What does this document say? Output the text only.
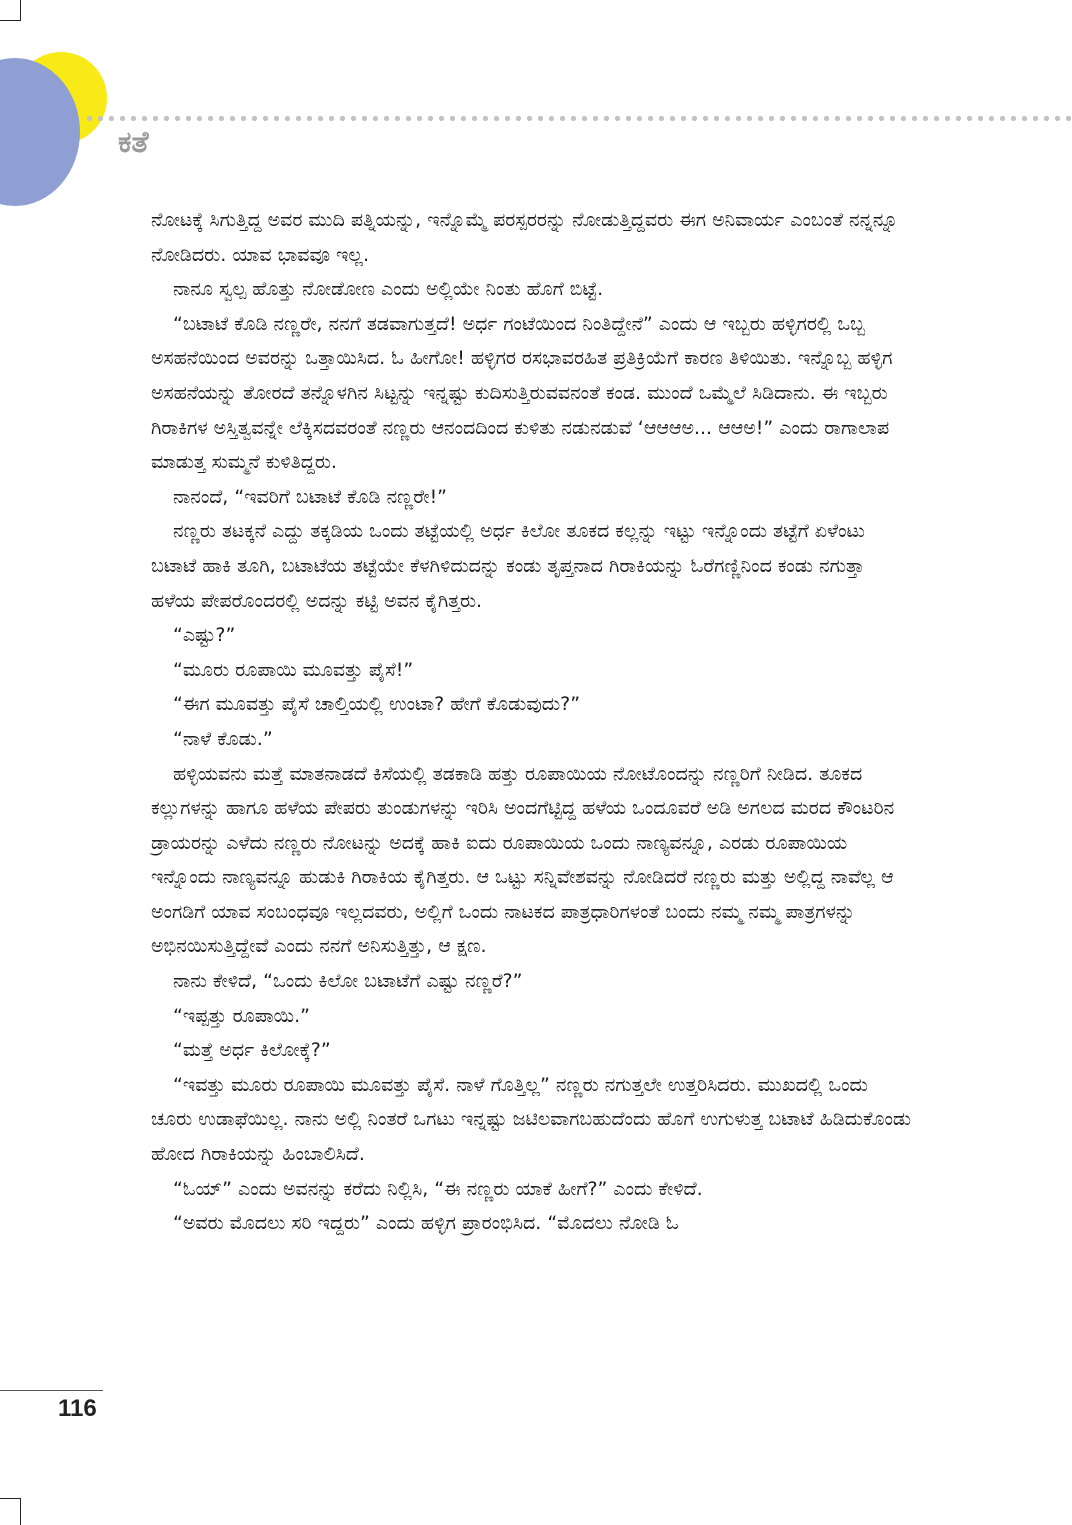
ಕತೆ

ನೋಟಕ್ಕೆ ಸಿಗುತ್ತಿದ್ದ ಅವರ ಮುದಿ ಪತ್ನಿಯನ್ನು, ಇನ್ನೊಮ್ಮೆ ಪರಸ್ಪರರನ್ನು ನೋಡುತ್ತಿದ್ದವರು ಈಗ ಅನಿವಾರ್ಯ ಎಂಬಂತೆ ನನ್ನನ್ನೂ ನೋಡಿದರು. ಯಾವ ಭಾವವೂ ಇಲ್ಲ.

ನಾನೂ ಸ್ವಲ್ಪ ಹೊತ್ತು ನೋಡೋಣ ಎಂದು ಅಲ್ಲಿಯೇ ನಿಂತು ಹೊಗೆ ಬಿಟ್ಟೆ.

“ಬಟಾಟೆ ಕೊಡಿ ನಣ್ಣರೇ, ನನಗೆ ತಡವಾಗುತ್ತದೆ! ಅರ್ಧ ಗಂಟೆಯಿಂದ ನಿಂತಿದ್ದೇನೆ” ಎಂದು ಆ ಇಬ್ಬರು ಹಳ್ಳಿಗರಲ್ಲಿ ಒಬ್ಬ ಅಸಹನೆಯಿಂದ ಅವರನ್ನು ಒತ್ತಾಯಿಸಿದ. ಓ ಹೀಗೋ! ಹಳ್ಳಿಗರ ರಸಭಾವರಹಿತ ಪ್ರತಿಕ್ರಿಯೆಗೆ ಕಾರಣ ತಿಳಿಯಿತು. ಇನ್ನೊಬ್ಬ ಹಳ್ಳಿಗ ಅಸಹನೆಯನ್ನು ತೋರದೆ ತನ್ನೊಳಗಿನ ಸಿಟ್ಟನ್ನು ಇನ್ನಷ್ಟು ಕುದಿಸುತ್ತಿರುವವನಂತೆ ಕಂಡ. ಮುಂದೆ ಒಮ್ಮೆಲೆ ಸಿಡಿದಾನು. ಈ ಇಬ್ಬರು ಗಿರಾಕಿಗಳ ಅಸ್ತಿತ್ವವನ್ನೇ ಲೆಕ್ಕಿಸದವರಂತೆ ನಣ್ಣರು ಆನಂದದಿಂದ ಕುಳಿತು ನಡುನಡುವೆ ‘ಆಆಆಅ... ಆಆಅ!” ಎಂದು ರಾಗಾಲಾಪ ಮಾಡುತ್ತ ಸುಮ್ಮನೆ ಕುಳಿತಿದ್ದರು.

ನಾನಂದೆ, “ಇವರಿಗೆ ಬಟಾಟೆ ಕೊಡಿ ನಣ್ಣರೇ!”

ನಣ್ಣರು ತಟಕ್ಕನೆ ಎದ್ದು ತಕ್ಕಡಿಯ ಒಂದು ತಟ್ಟೆಯಲ್ಲಿ ಅರ್ಧ ಕಿಲೋ ತೂಕದ ಕಲ್ಲನ್ನು ಇಟ್ಟು ಇನ್ನೊಂದು ತಟ್ಟೆಗೆ ಏಳೆಂಟು ಬಟಾಟೆ ಹಾಕಿ ತೂಗಿ, ಬಟಾಟೆಯ ತಟ್ಟೆಯೇ ಕೆಳಗಿಳಿದುದನ್ನು ಕಂಡು ತೃಪ್ತನಾದ ಗಿರಾಕಿಯನ್ನು ಓರೆಗಣ್ಣಿನಿಂದ ಕಂಡು ನಗುತ್ತಾ ಹಳೆಯ ಪೇಪರೊಂದರಲ್ಲಿ ಅದನ್ನು ಕಟ್ಟಿ ಅವನ ಕೈಗಿತ್ತರು.

“ಎಷ್ಟು?”

“ಮೂರು ರೂಪಾಯಿ ಮೂವತ್ತು ಪೈಸೆ!”

“ಈಗ ಮೂವತ್ತು ಪೈಸೆ ಚಾಲ್ತಿಯಲ್ಲಿ ಉಂಟಾ? ಹೇಗೆ ಕೊಡುವುದು?”

“ನಾಳೆ ಕೊಡು.”

ಹಳ್ಳಿಯವನು ಮತ್ತೆ ಮಾತನಾಡದೆ ಕಿಸೆಯಲ್ಲಿ ತಡಕಾಡಿ ಹತ್ತು ರೂಪಾಯಿಯ ನೋಟೊಂದನ್ನು ನಣ್ಣರಿಗೆ ನೀಡಿದ. ತೂಕದ ಕಲ್ಲುಗಳನ್ನು ಹಾಗೂ ಹಳೆಯ ಪೇಪರು ತುಂಡುಗಳನ್ನು ಇರಿಸಿ ಅಂದಗೆಟ್ಟಿದ್ದ ಹಳೆಯ ಒಂದೂವರೆ ಅಡಿ ಅಗಲದ ಮರದ ಕೌಂಟರಿನ ಡ್ರಾಯರನ್ನು ಎಳೆದು ನಣ್ಣರು ನೋಟನ್ನು ಅದಕ್ಕೆ ಹಾಕಿ ಐದು ರೂಪಾಯಿಯ ಒಂದು ನಾಣ್ಯವನ್ನೂ, ಎರಡು ರೂಪಾಯಿಯ ಇನ್ನೊಂದು ನಾಣ್ಯವನ್ನೂ ಹುಡುಕಿ ಗಿರಾಕಿಯ ಕೈಗಿತ್ತರು. ಆ ಒಟ್ಟು ಸನ್ನಿವೇಶವನ್ನು ನೋಡಿದರೆ ನಣ್ಣರು ಮತ್ತು ಅಲ್ಲಿದ್ದ ನಾವೆಲ್ಲ ಆ ಅಂಗಡಿಗೆ ಯಾವ ಸಂಬಂಧವೂ ಇಲ್ಲದವರು, ಅಲ್ಲಿಗೆ ಒಂದು ನಾಟಕದ ಪಾತ್ರಧಾರಿಗಳಂತೆ ಬಂದು ನಮ್ಮ ನಮ್ಮ ಪಾತ್ರಗಳನ್ನು ಅಭಿನಯಿಸುತ್ತಿದ್ದೇವೆ ಎಂದು ನನಗೆ ಅನಿಸುತ್ತಿತ್ತು, ಆ ಕ್ಷಣ.

ನಾನು ಕೇಳಿದೆ, “ಒಂದು ಕಿಲೋ ಬಟಾಟೆಗೆ ಎಷ್ಟು ನಣ್ಣರೆ?”

“ಇಪ್ಪತ್ತು ರೂಪಾಯಿ.”

“ಮತ್ತೆ ಅರ್ಧ ಕಿಲೋಕ್ಕೆ?”

“ಇವತ್ತು ಮೂರು ರೂಪಾಯಿ ಮೂವತ್ತು ಪೈಸೆ. ನಾಳೆ ಗೊತ್ತಿಲ್ಲ” ನಣ್ಣರು ನಗುತ್ತಲೇ ಉತ್ತರಿಸಿದರು. ಮುಖದಲ್ಲಿ ಒಂದು ಚೂರು ಉಡಾಫೆಯಿಲ್ಲ. ನಾನು ಅಲ್ಲಿ ನಿಂತರೆ ಒಗಟು ಇನ್ನಷ್ಟು ಜಟಿಲವಾಗಬಹುದೆಂದು ಹೊಗೆ ಉಗುಳುತ್ತ ಬಟಾಟೆ ಹಿಡಿದುಕೊಂಡು ಹೋದ ಗಿರಾಕಿಯನ್ನು ಹಿಂಬಾಲಿಸಿದೆ.

“ಓಯ್” ಎಂದು ಅವನನ್ನು ಕರೆದು ನಿಲ್ಲಿಸಿ, “ಈ ನಣ್ಣರು ಯಾಕೆ ಹೀಗೆ?” ಎಂದು ಕೇಳಿದೆ.

“ಅವರು ಮೊದಲು ಸರಿ ಇದ್ದರು” ಎಂದು ಹಳ್ಳಿಗ ಪ್ರಾರಂಭಿಸಿದ. “ಮೊದಲು ನೋಡಿ ಓ

116
